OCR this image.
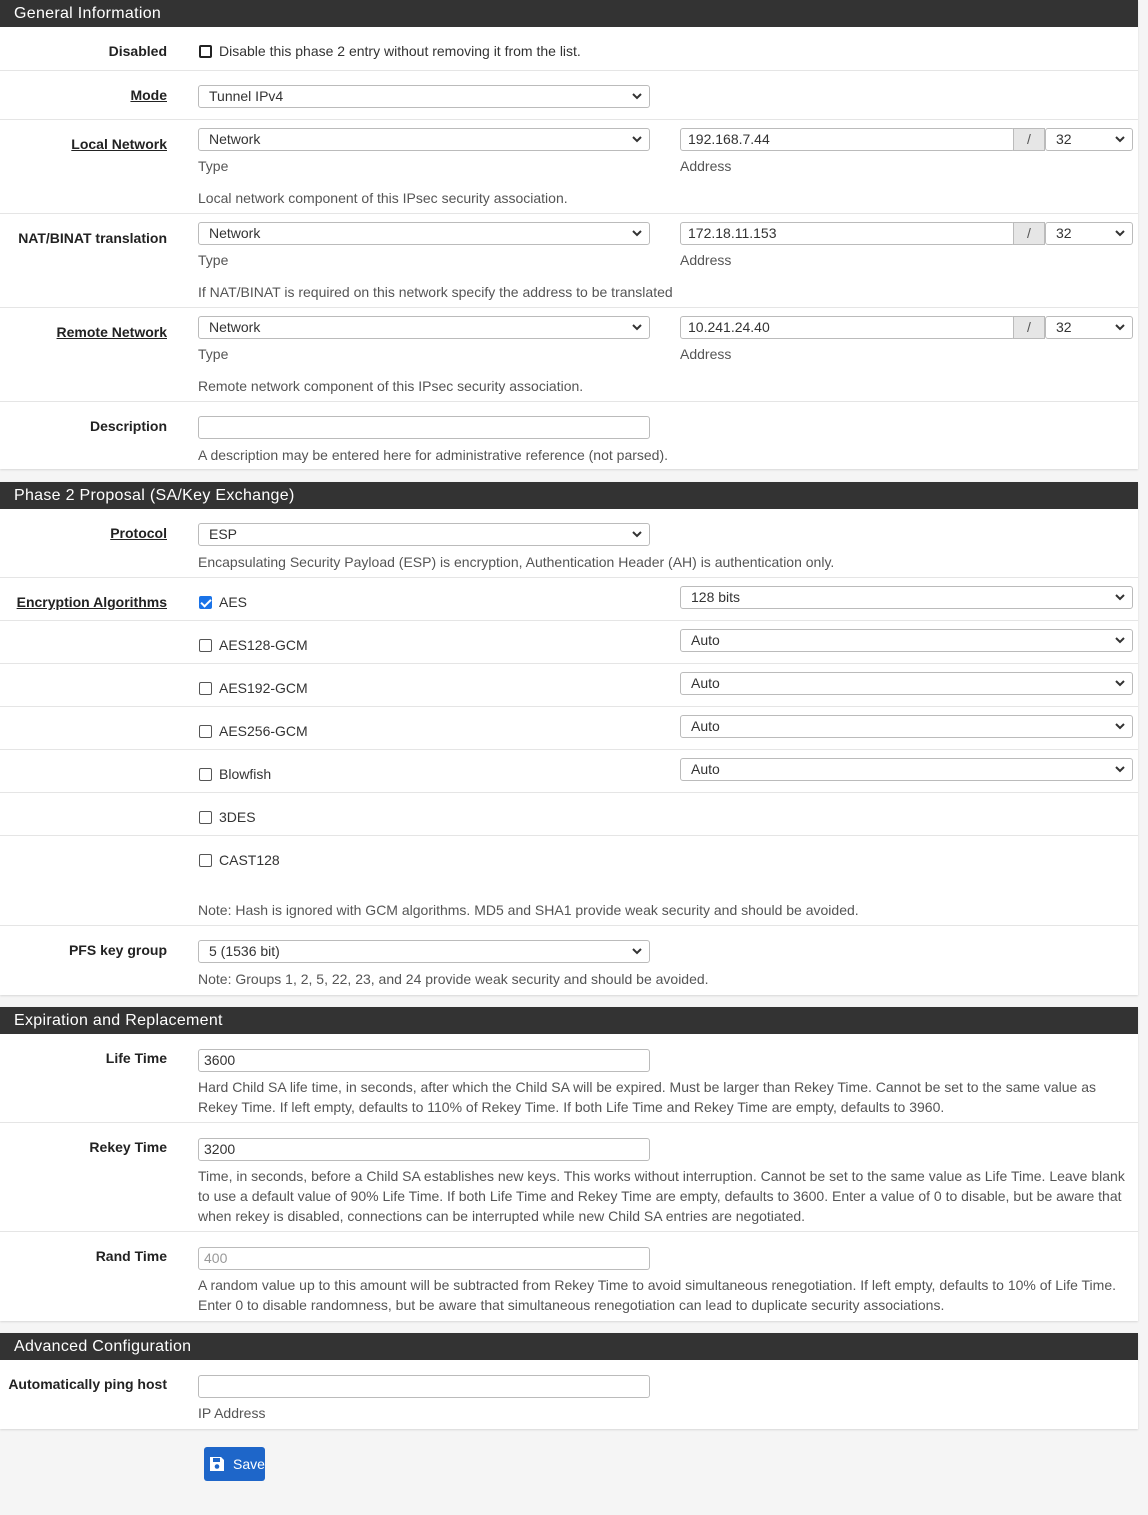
General Information
Disabled	Disable this phase 2 entry without removing it from the list.
Mode	Tunnel IPv4
Local Network	Network
Type
192.168.7.44	/	32
Address
Local network component of this IPsec security association.
NAT/BINAT translation	Network
Type
172.18.11.153	/	32
Address
If NAT/BINAT is required on this network specify the address to be translated
Remote Network	Network
Type
10.241.24.40	/	32
Address
Remote network component of this IPsec security association.
Description
A description may be entered here for administrative reference (not parsed).
Phase 2 Proposal (SA/Key Exchange)
Protocol	ESP
Encapsulating Security Payload (ESP) is encryption, Authentication Header (AH) is authentication only.
Encryption Algorithms	AES	128 bits
AES128-GCM	Auto
AES192-GCM	Auto
AES256-GCM	Auto
Blowfish	Auto
3DES
CAST128
Note: Hash is ignored with GCM algorithms. MD5 and SHA1 provide weak security and should be avoided.
PFS key group	5 (1536 bit)
Note: Groups 1, 2, 5, 22, 23, and 24 provide weak security and should be avoided.
Expiration and Replacement
Life Time	3600
Hard Child SA life time, in seconds, after which the Child SA will be expired. Must be larger than Rekey Time. Cannot be set to the same value as Rekey Time. If left empty, defaults to 110% of Rekey Time. If both Life Time and Rekey Time are empty, defaults to 3960.
Rekey Time	3200
Time, in seconds, before a Child SA establishes new keys. This works without interruption. Cannot be set to the same value as Life Time. Leave blank to use a default value of 90% Life Time. If both Life Time and Rekey Time are empty, defaults to 3600. Enter a value of 0 to disable, but be aware that when rekey is disabled, connections can be interrupted while new Child SA entries are negotiated.
Rand Time	400
A random value up to this amount will be subtracted from Rekey Time to avoid simultaneous renegotiation. If left empty, defaults to 10% of Life Time. Enter 0 to disable randomness, but be aware that simultaneous renegotiation can lead to duplicate security associations.
Advanced Configuration
Automatically ping host
IP Address
Save
